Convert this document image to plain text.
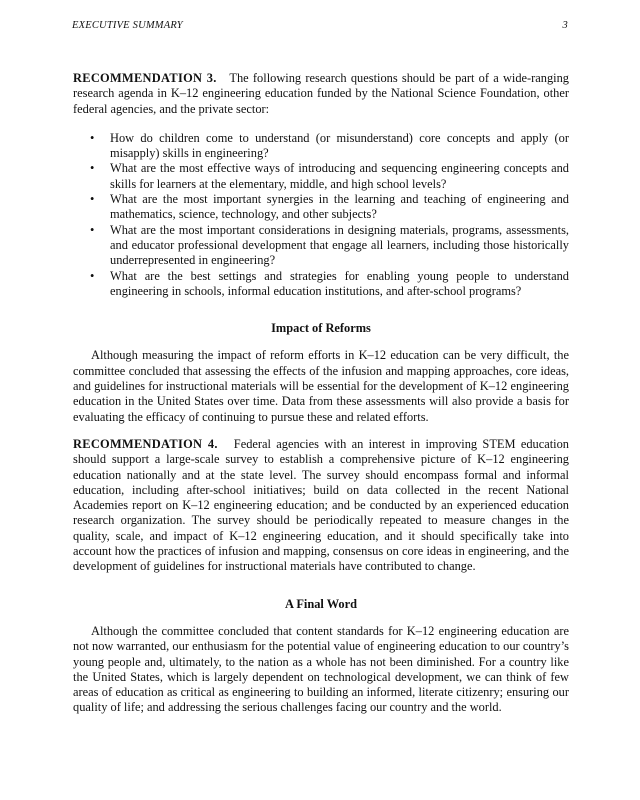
EXECUTIVE SUMMARY	3

RECOMMENDATION 3. The following research questions should be part of a wide-ranging research agenda in K–12 engineering education funded by the National Science Foundation, other federal agencies, and the private sector:

• How do children come to understand (or misunderstand) core concepts and apply (or misapply) skills in engineering?
• What are the most effective ways of introducing and sequencing engineering concepts and skills for learners at the elementary, middle, and high school levels?
• What are the most important synergies in the learning and teaching of engineering and mathematics, science, technology, and other subjects?
• What are the most important considerations in designing materials, programs, assessments, and educator professional development that engage all learners, including those historically underrepresented in engineering?
• What are the best settings and strategies for enabling young people to understand engineering in schools, informal education institutions, and after-school programs?

Impact of Reforms

Although measuring the impact of reform efforts in K–12 education can be very difficult, the committee concluded that assessing the effects of the infusion and mapping approaches, core ideas, and guidelines for instructional materials will be essential for the development of K–12 engineering education in the United States over time. Data from these assessments will also provide a basis for evaluating the efficacy of continuing to pursue these and related efforts.

RECOMMENDATION 4. Federal agencies with an interest in improving STEM education should support a large-scale survey to establish a comprehensive picture of K–12 engineering education nationally and at the state level. The survey should encompass formal and informal education, including after-school initiatives; build on data collected in the recent National Academies report on K–12 engineering education; and be conducted by an experienced education research organization. The survey should be periodically repeated to measure changes in the quality, scale, and impact of K–12 engineering education, and it should specifically take into account how the practices of infusion and mapping, consensus on core ideas in engineering, and the development of guidelines for instructional materials have contributed to change.

A Final Word

Although the committee concluded that content standards for K–12 engineering education are not now warranted, our enthusiasm for the potential value of engineering education to our country’s young people and, ultimately, to the nation as a whole has not been diminished. For a country like the United States, which is largely dependent on technological development, we can think of few areas of education as critical as engineering to building an informed, literate citizenry; ensuring our quality of life; and addressing the serious challenges facing our country and the world.
